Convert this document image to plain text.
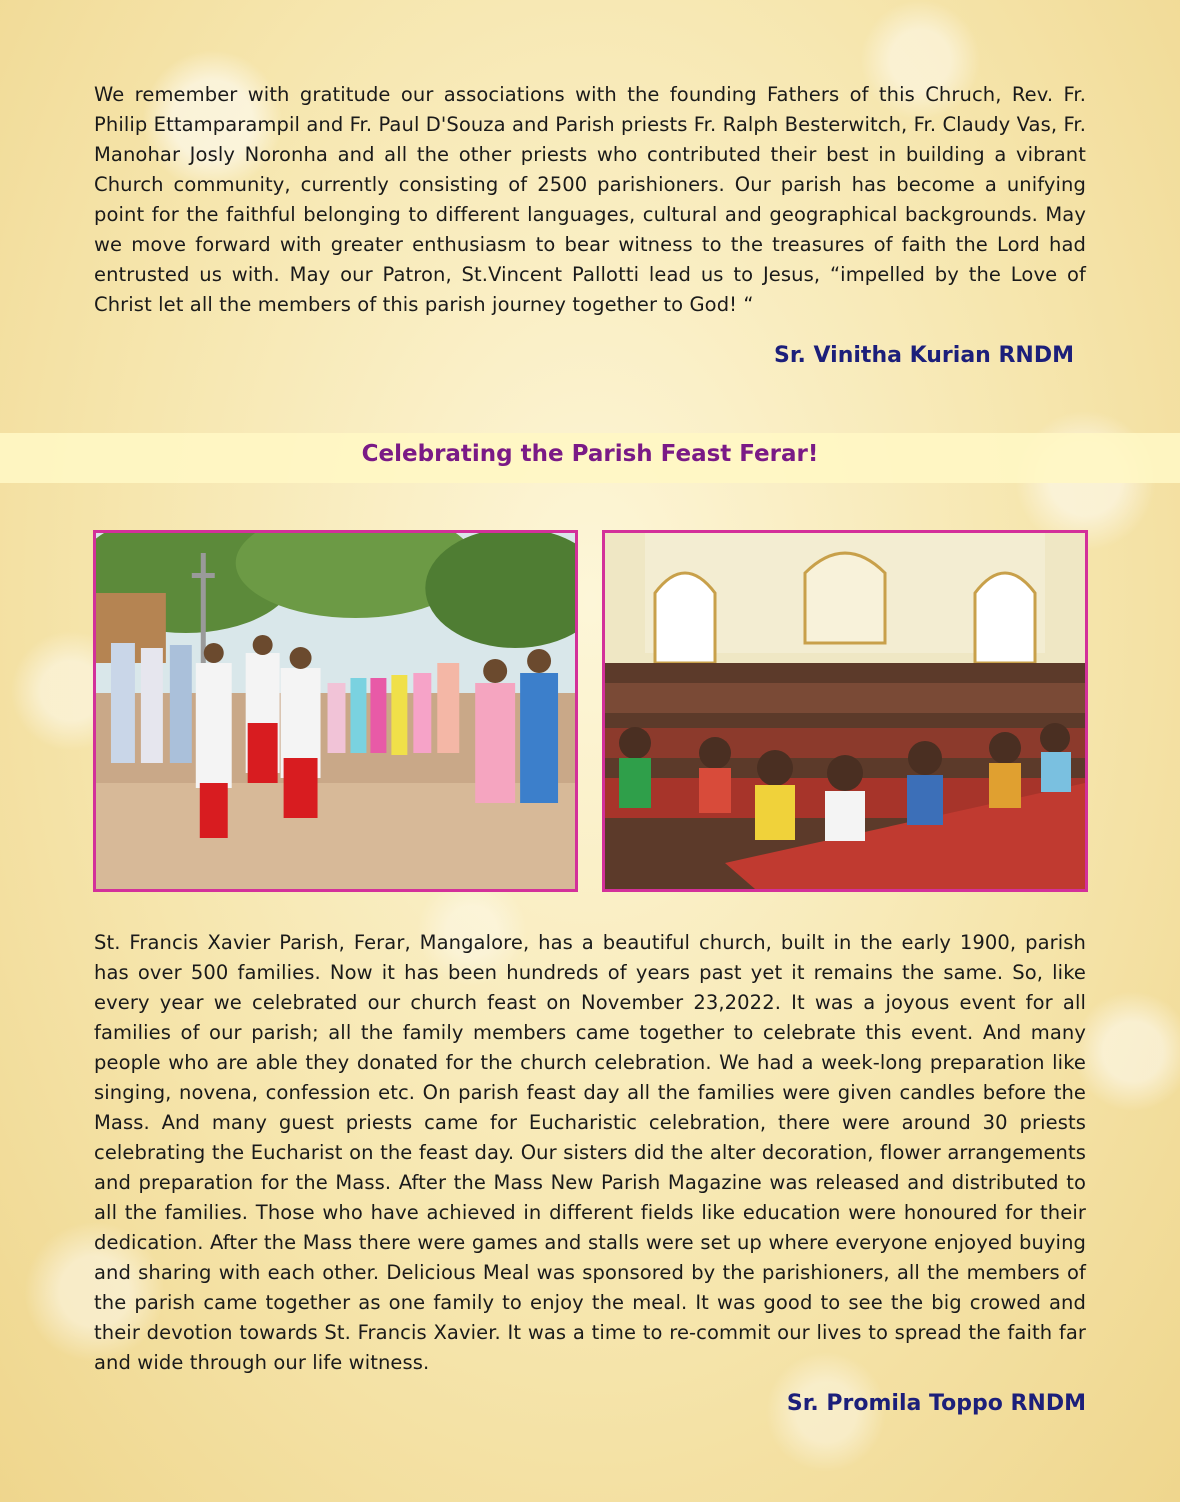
We remember with gratitude our associations with the founding Fathers of this Chruch, Rev. Fr. Philip Ettamparampil and Fr. Paul D'Souza and Parish priests Fr. Ralph Besterwitch, Fr. Claudy Vas, Fr. Manohar Josly Noronha and all the other priests who contributed their best in building a vibrant Church community, currently consisting of 2500 parishioners. Our parish has become a unifying point for the faithful belonging to different languages, cultural and geographical backgrounds. May we move forward with greater enthusiasm to bear witness to the treasures of faith the Lord had entrusted us with. May our Patron, St.Vincent Pallotti lead us to Jesus, “impelled by the Love of Christ let all the members of this parish journey together to God! “

Sr. Vinitha Kurian RNDM

Celebrating the Parish Feast Ferar!

St. Francis Xavier Parish, Ferar, Mangalore, has a beautiful church, built in the early 1900, parish has over 500 families. Now it has been hundreds of years past yet it remains the same. So, like every year we celebrated our church feast on November 23,2022. It was a joyous event for all families of our parish; all the family members came together to celebrate this event. And many people who are able they donated for the church celebration. We had a week-long preparation like singing, novena, confession etc. On parish feast day all the families were given candles before the Mass. And many guest priests came for Eucharistic celebration, there were around 30 priests celebrating the Eucharist on the feast day. Our sisters did the alter decoration, flower arrangements and preparation for the Mass. After the Mass New Parish Magazine was released and distributed to all the families. Those who have achieved in different fields like education were honoured for their dedication. After the Mass there were games and stalls were set up where everyone enjoyed buying and sharing with each other. Delicious Meal was sponsored by the parishioners, all the members of the parish came together as one family to enjoy the meal. It was good to see the big crowed and their devotion towards St. Francis Xavier. It was a time to re-commit our lives to spread the faith far and wide through our life witness.

Sr. Promila Toppo RNDM
